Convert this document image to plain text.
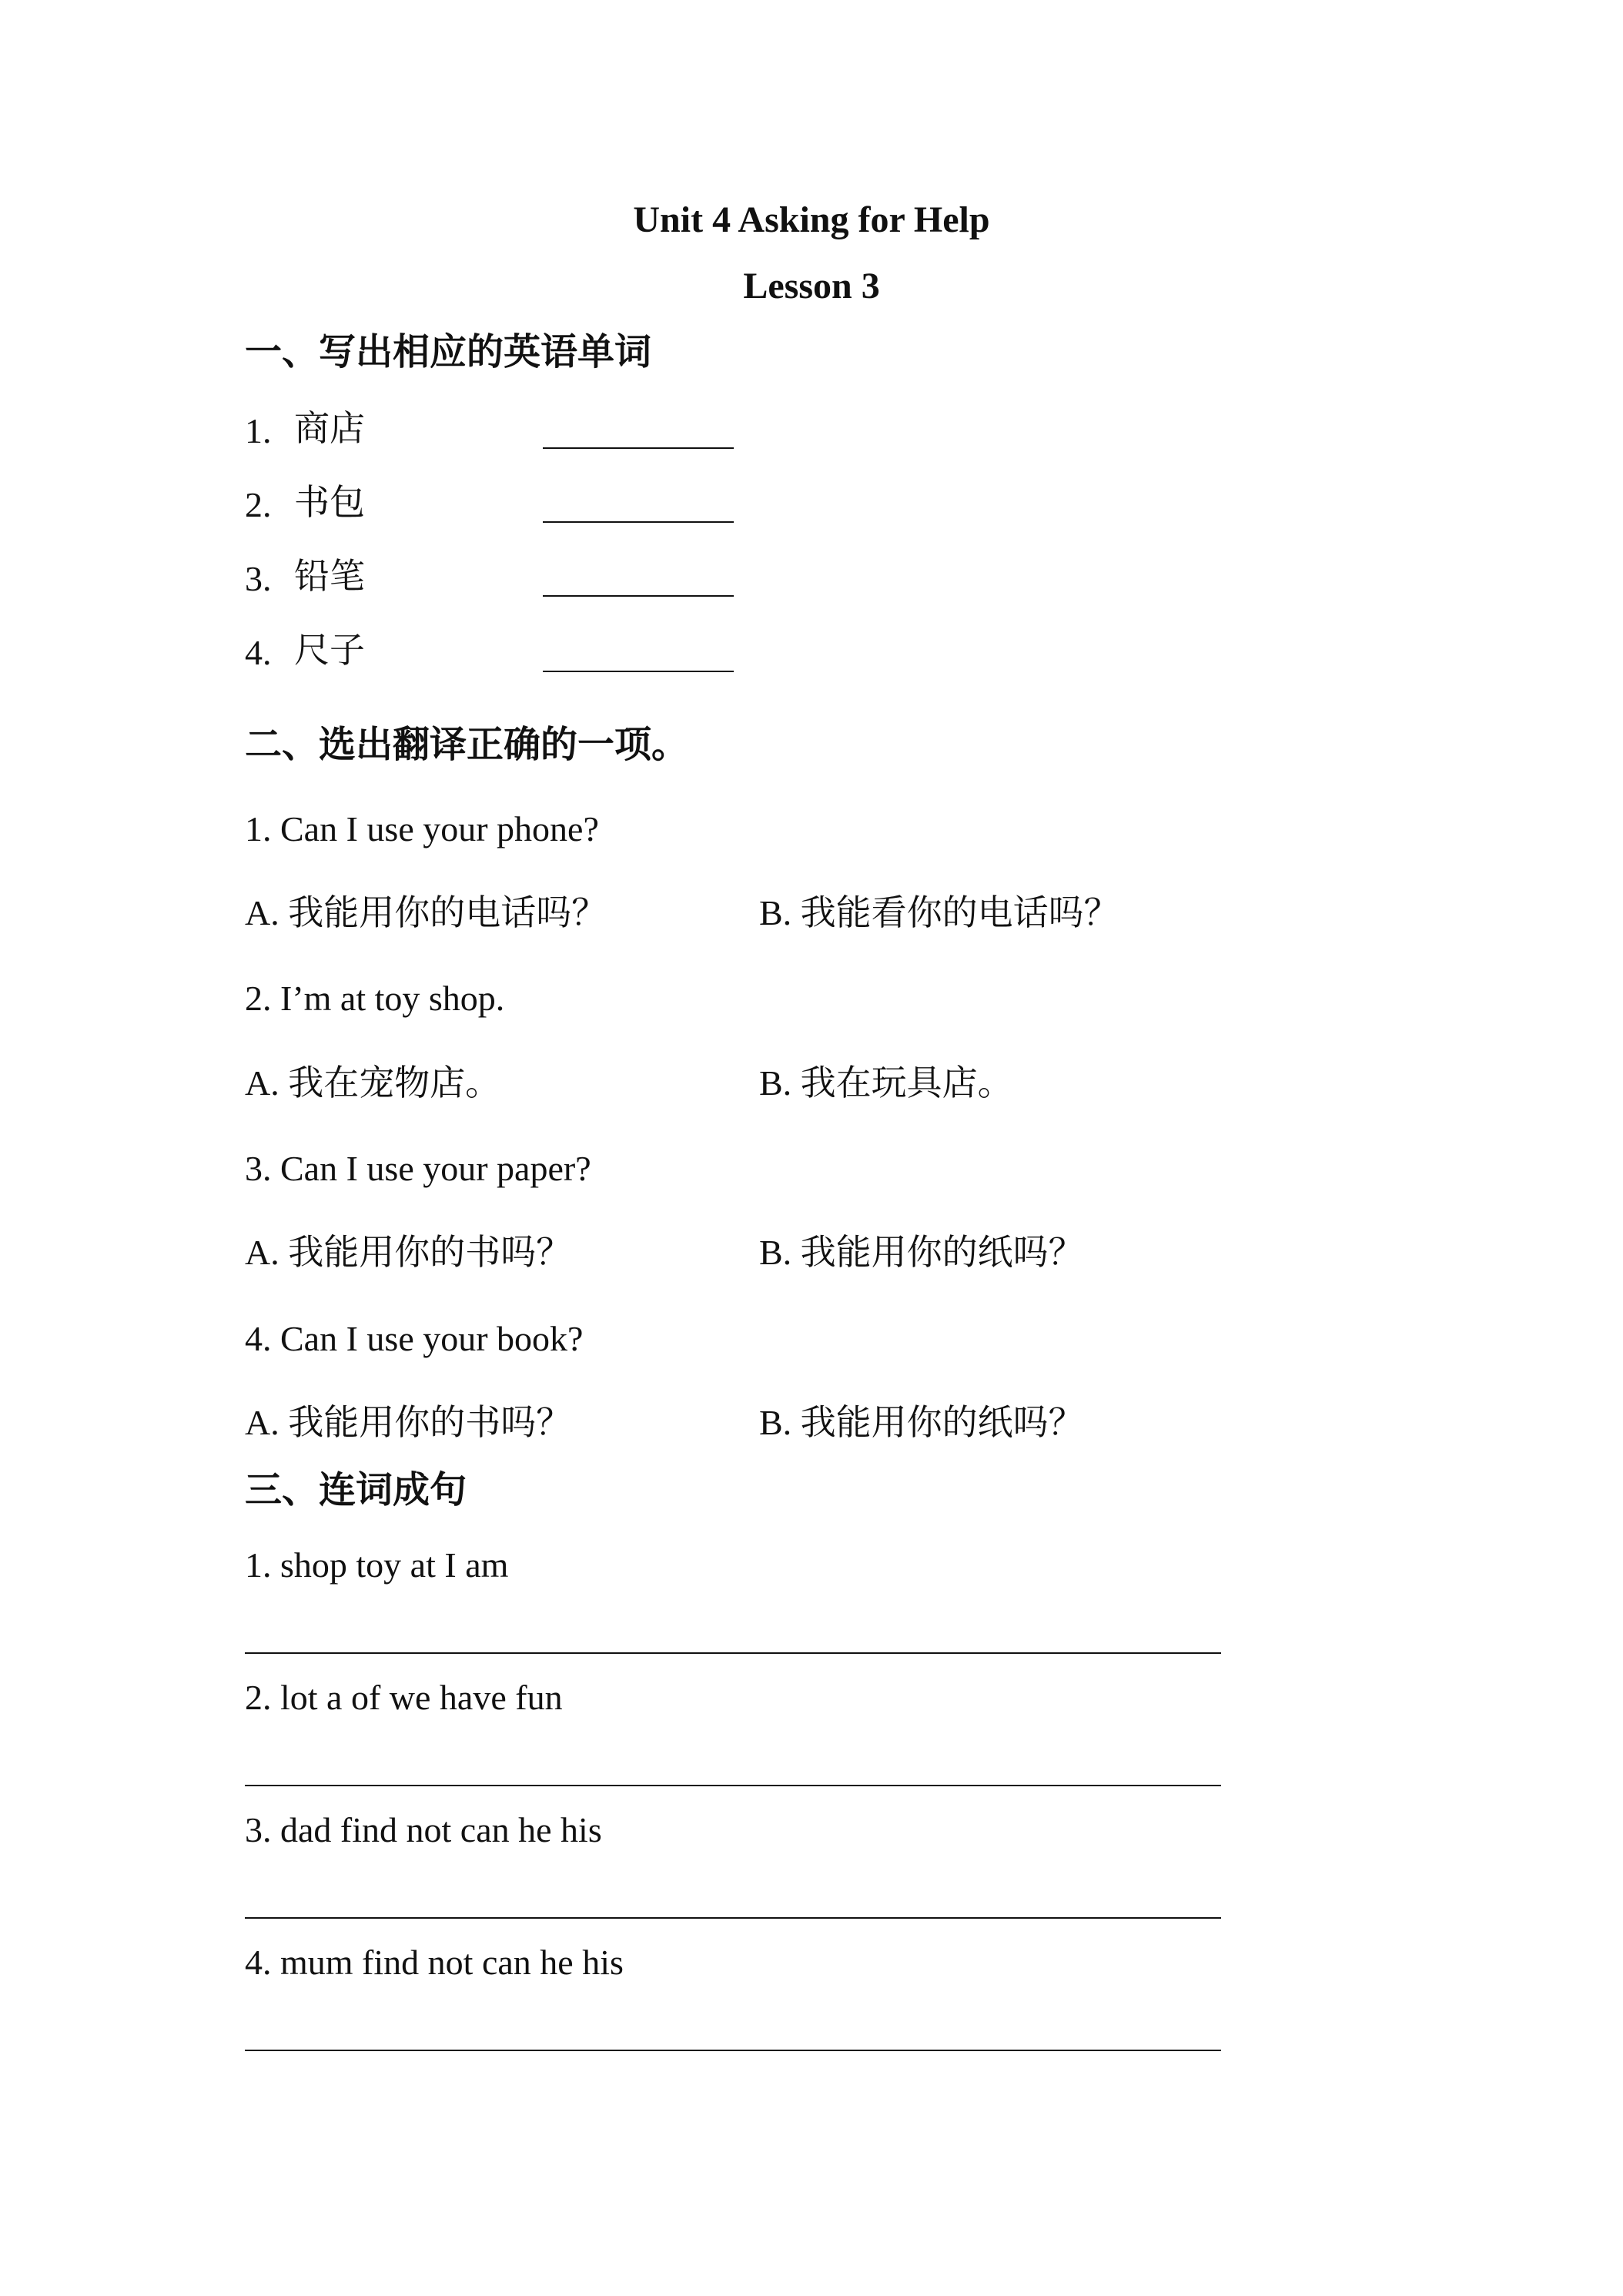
Unit 4 Asking for Help
Lesson 3
一、写出相应的英语单词
1. 商店
2. 书包
3. 铅笔
4. 尺子
二、选出翻译正确的一项。
1. Can I use your phone?
A. 我能用你的电话吗？	B. 我能看你的电话吗？
2. I’m at toy shop.
A. 我在宠物店。	B. 我在玩具店。
3. Can I use your paper?
A. 我能用你的书吗？	B. 我能用你的纸吗？
4. Can I use your book?
A. 我能用你的书吗？	B. 我能用你的纸吗？
三、连词成句
1. shop toy at I am
2. lot a of we have fun
3. dad find not can he his
4. mum find not can he his
